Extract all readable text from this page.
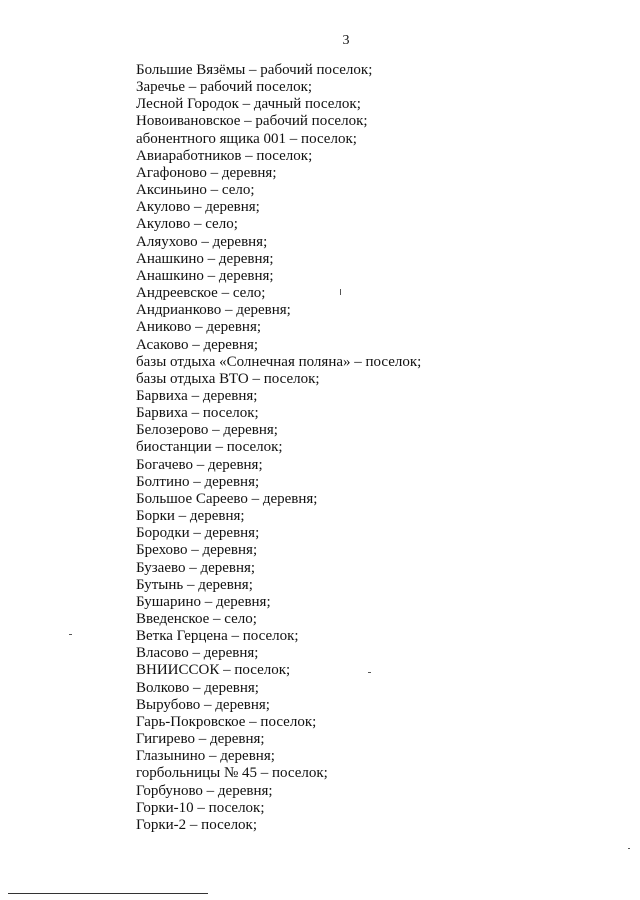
3
Большие Вязёмы – рабочий поселок;
Заречье – рабочий поселок;
Лесной Городок – дачный поселок;
Новоивановское – рабочий поселок;
абонентного ящика 001 – поселок;
Авиаработников – поселок;
Агафоново – деревня;
Аксиньино – село;
Акулово – деревня;
Акулово – село;
Аляухово – деревня;
Анашкино – деревня;
Анашкино – деревня;
Андреевское – село;
Андрианково – деревня;
Аниково – деревня;
Асаково – деревня;
базы отдыха «Солнечная поляна» – поселок;
базы отдыха ВТО – поселок;
Барвиха – деревня;
Барвиха – поселок;
Белозерово – деревня;
биостанции – поселок;
Богачево – деревня;
Болтино – деревня;
Большое Сареево – деревня;
Борки – деревня;
Бородки – деревня;
Брехово – деревня;
Бузаево – деревня;
Бутынь – деревня;
Бушарино – деревня;
Введенское – село;
Ветка Герцена – поселок;
Власово – деревня;
ВНИИССОК – поселок;
Волково – деревня;
Вырубово – деревня;
Гарь-Покровское – поселок;
Гигирево – деревня;
Глазынино – деревня;
горбольницы № 45 – поселок;
Горбуново – деревня;
Горки-10 – поселок;
Горки-2 – поселок;
